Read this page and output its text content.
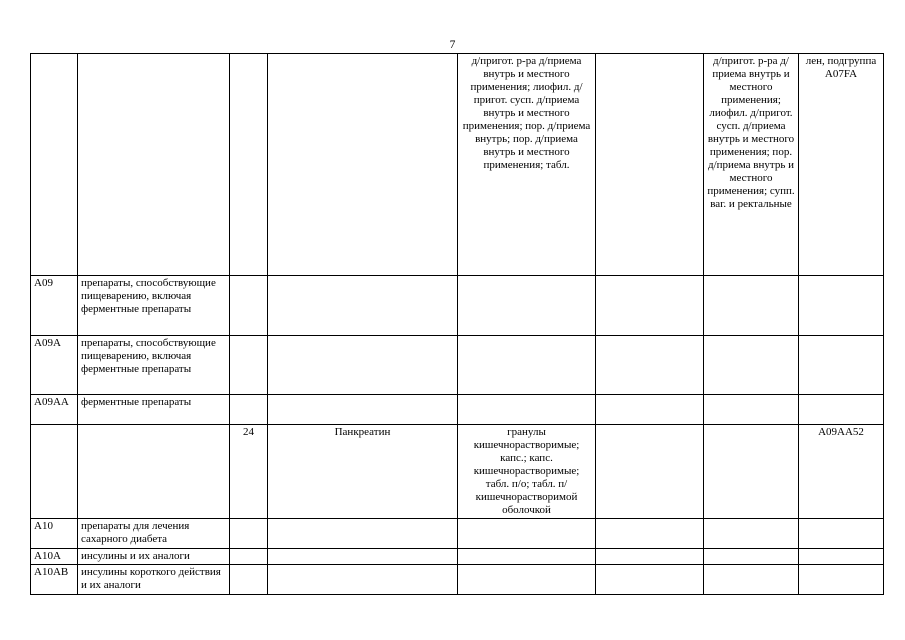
7
				д/пригот. р-ра д/приема внутрь и местного применения; лиофил. д/пригот. сусп. д/приема внутрь и местного применения; пор. д/приема внутрь; пор. д/приема внутрь и местного применения; табл.		д/пригот. р-ра д/приема внутрь и местного применения; лиофил. д/пригот. сусп. д/приема внутрь и местного применения; пор. д/приема внутрь и местного применения; супп. ваг. и ректальные	лен, подгруппа A07FA
A09	препараты, способствующие пищеварению, включая ферментные препараты						
A09A	препараты, способствующие пищеварению, включая ферментные препараты						
A09AA	ферментные препараты						
		24	Панкреатин	гранулы кишечнорастворимые; капс.; капс. кишечнорастворимые; табл. п/о; табл. п/кишечнорастворимой оболочкой			A09AA52
A10	препараты для лечения сахарного диабета						
A10A	инсулины и их аналоги						
A10AB	инсулины короткого действия и их аналоги						
